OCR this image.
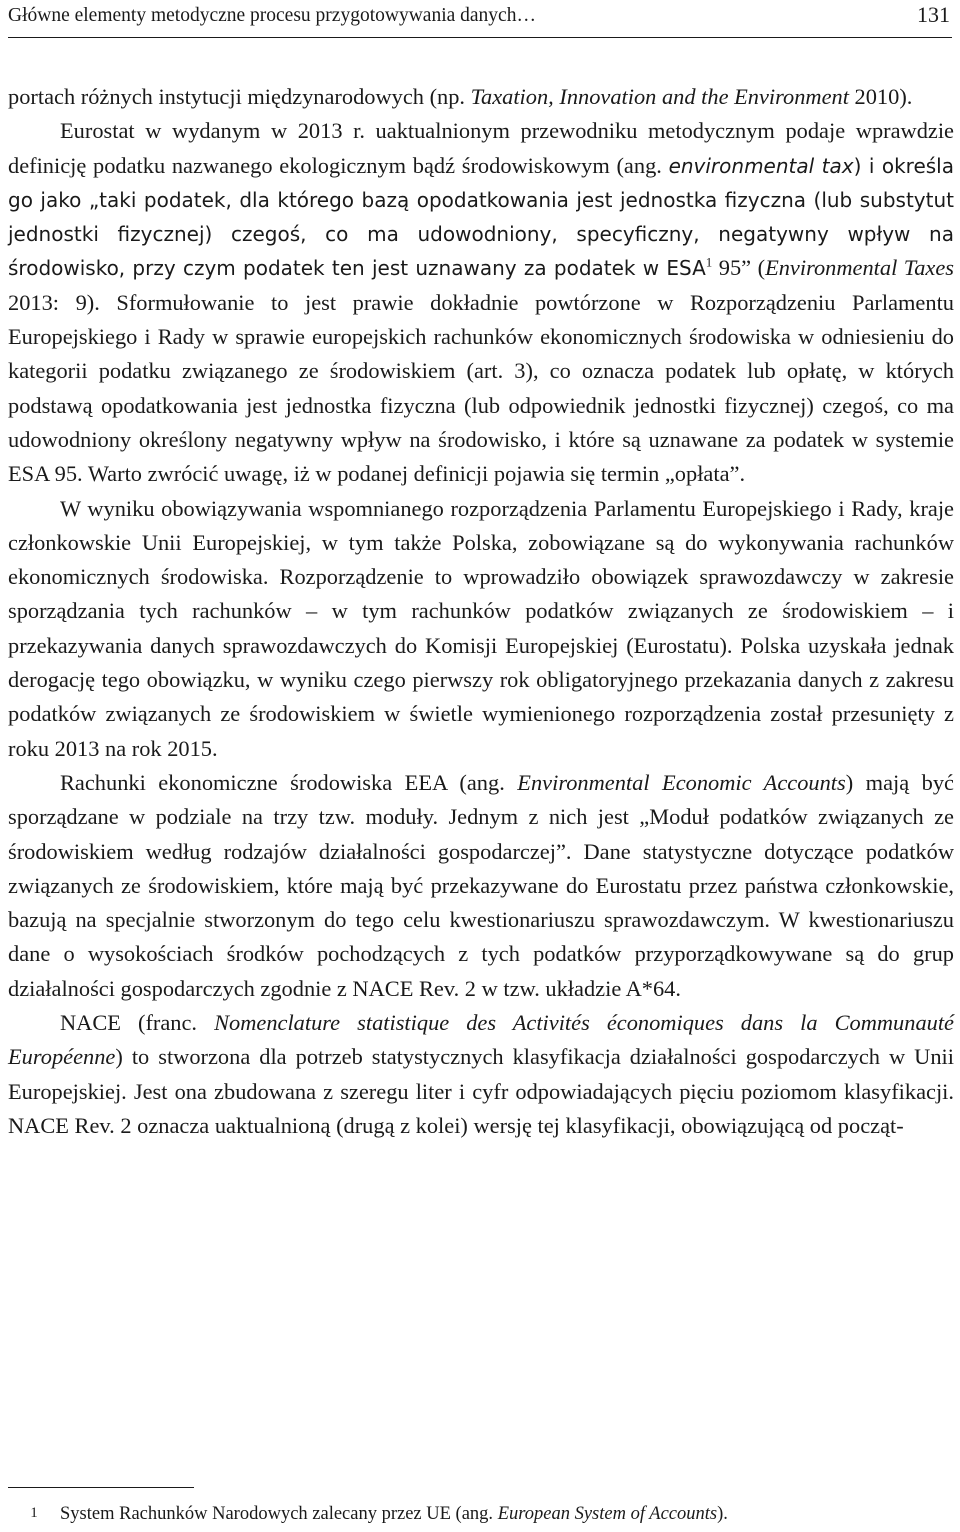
Główne elementy metodyczne procesu przygotowywania danych…	131

portach różnych instytucji międzynarodowych (np. Taxation, Innovation and the Environment 2010).

Eurostat w wydanym w 2013 r. uaktualnionym przewodniku metodycznym podaje wprawdzie definicję podatku nazwanego ekologicznym bądź środowiskowym (ang. environmental tax) i określa go jako „taki podatek, dla którego bazą opodatkowania jest jednostka fizyczna (lub substytut jednostki fizycznej) czegoś, co ma udowodniony, specyficzny, negatywny wpływ na środowisko, przy czym podatek ten jest uznawany za podatek w ESA$^1$ 95” (Environmental Taxes 2013: 9). Sformułowanie to jest prawie dokładnie powtórzone w Rozporządzeniu Parlamentu Europejskiego i Rady w sprawie europejskich rachunków ekonomicznych środowiska w odniesieniu do kategorii podatku związanego ze środowiskiem (art. 3), co oznacza podatek lub opłatę, w których podstawą opodatkowania jest jednostka fizyczna (lub odpowiednik jednostki fizycznej) czegoś, co ma udowodniony określony negatywny wpływ na środowisko, i które są uznawane za podatek w systemie ESA 95. Warto zwrócić uwagę, iż w podanej definicji pojawia się termin „opłata”.

W wyniku obowiązywania wspomnianego rozporządzenia Parlamentu Europejskiego i Rady, kraje członkowskie Unii Europejskiej, w tym także Polska, zobowiązane są do wykonywania rachunków ekonomicznych środowiska. Rozporządzenie to wprowadziło obowiązek sprawozdawczy w zakresie sporządzania tych rachunków – w tym rachunków podatków związanych ze środowiskiem – i przekazywania danych sprawozdawczych do Komisji Europejskiej (Eurostatu). Polska uzyskała jednak derogację tego obowiązku, w wyniku czego pierwszy rok obligatoryjnego przekazania danych z zakresu podatków związanych ze środowiskiem w świetle wymienionego rozporządzenia został przesunięty z roku 2013 na rok 2015.

Rachunki ekonomiczne środowiska EEA (ang. Environmental Economic Accounts) mają być sporządzane w podziale na trzy tzw. moduły. Jednym z nich jest „Moduł podatków związanych ze środowiskiem według rodzajów działalności gospodarczej”. Dane statystyczne dotyczące podatków związanych ze środowiskiem, które mają być przekazywane do Eurostatu przez państwa członkowskie, bazują na specjalnie stworzonym do tego celu kwestionariuszu sprawozdawczym. W kwestionariuszu dane o wysokościach środków pochodzących z tych podatków przyporządkowywane są do grup działalności gospodarczych zgodnie z NACE Rev. 2 w tzw. układzie A*64.

NACE (franc. Nomenclature statistique des Activités économiques dans la Communauté Européenne) to stworzona dla potrzeb statystycznych klasyfikacja działalności gospodarczych w Unii Europejskiej. Jest ona zbudowana z szeregu liter i cyfr odpowiadających pięciu poziomom klasyfikacji. NACE Rev. 2 oznacza uaktualnioną (drugą z kolei) wersję tej klasyfikacji, obowiązującą od począt-

1 System Rachunków Narodowych zalecany przez UE (ang. European System of Accounts).
